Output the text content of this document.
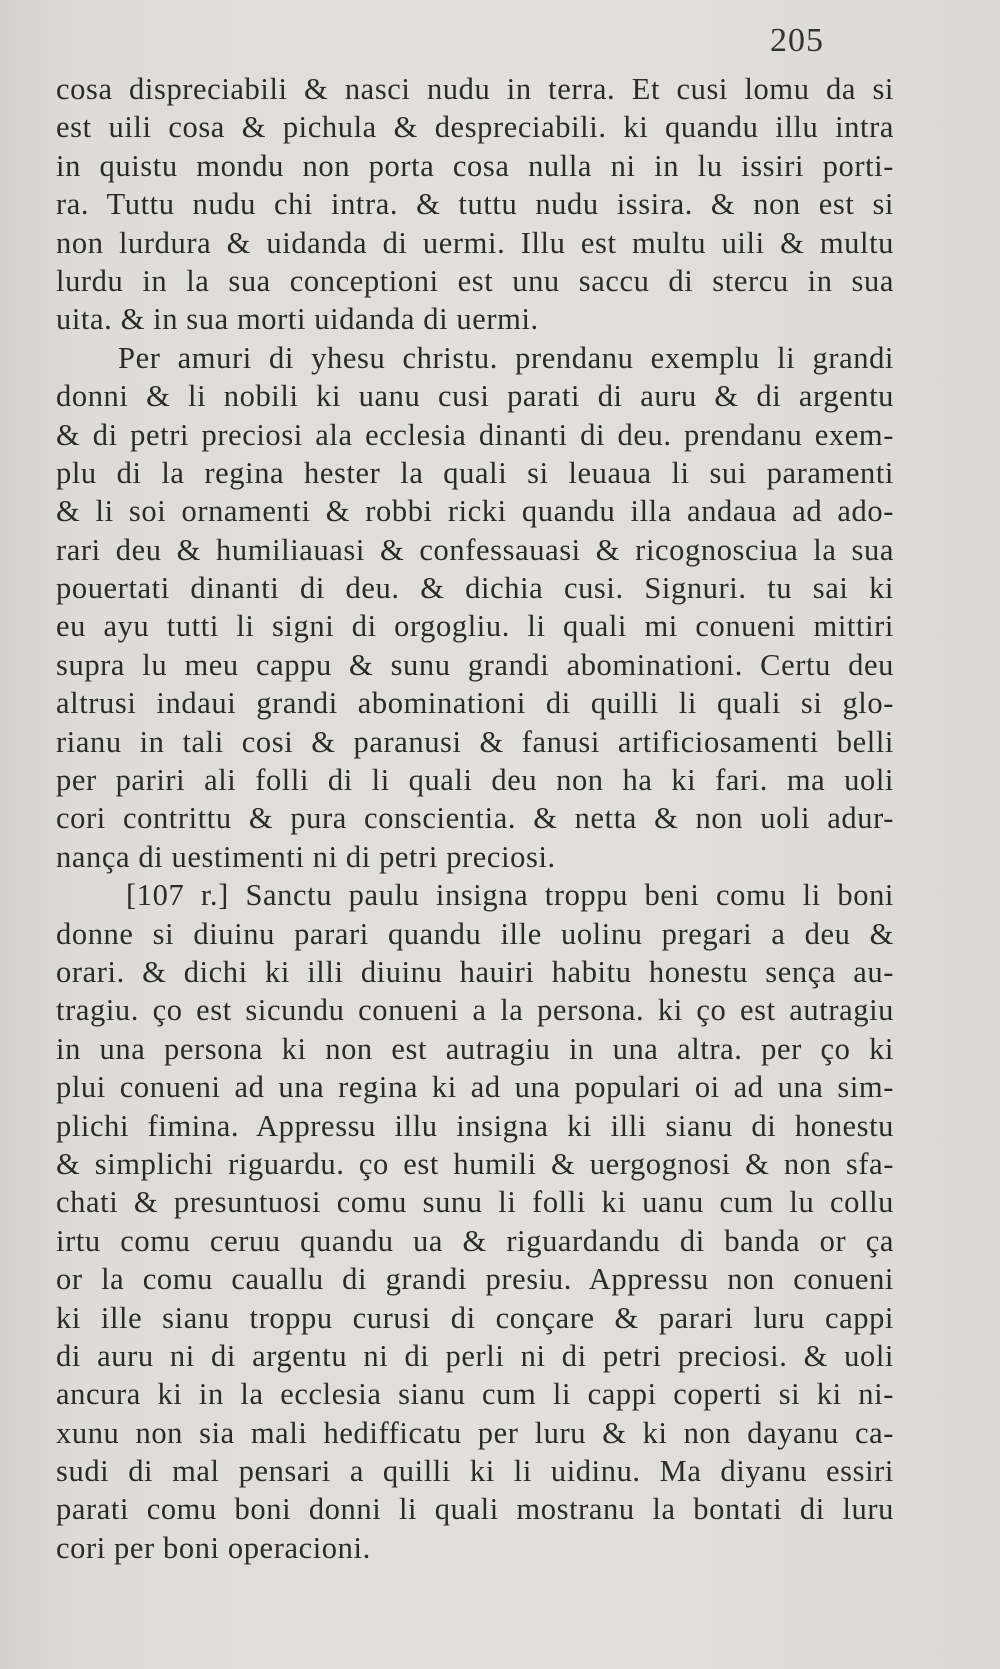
205
cosa dispreciabili & nasci nudu in terra. Et cusi lomu da si
est uili cosa & pichula & despreciabili. ki quandu illu intra
in quistu mondu non porta cosa nulla ni in lu issiri porti-
ra. Tuttu nudu chi intra. & tuttu nudu issira. & non est si
non lurdura & uidanda di uermi. Illu est multu uili & multu
lurdu in la sua conceptioni est unu saccu di stercu in sua
uita. & in sua morti uidanda di uermi.
Per amuri di yhesu christu. prendanu exemplu li grandi
donni & li nobili ki uanu cusi parati di auru & di argentu
& di petri preciosi ala ecclesia dinanti di deu. prendanu exem-
plu di la regina hester la quali si leuaua li sui paramenti
& li soi ornamenti & robbi ricki quandu illa andaua ad ado-
rari deu & humiliauasi & confessauasi & ricognosciua la sua
pouertati dinanti di deu. & dichia cusi. Signuri. tu sai ki
eu ayu tutti li signi di orgogliu. li quali mi conueni mittiri
supra lu meu cappu & sunu grandi abominationi. Certu deu
altrusi indaui grandi abominationi di quilli li quali si glo-
rianu in tali cosi & paranusi & fanusi artificiosamenti belli
per pariri ali folli di li quali deu non ha ki fari. ma uoli
cori contrittu & pura conscientia. & netta & non uoli adur-
nança di uestimenti ni di petri preciosi.
[107 r.] Sanctu paulu insigna troppu beni comu li boni
donne si diuinu parari quandu ille uolinu pregari a deu &
orari. & dichi ki illi diuinu hauiri habitu honestu sença au-
tragiu. ço est sicundu conueni a la persona. ki ço est autragiu
in una persona ki non est autragiu in una altra. per ço ki
plui conueni ad una regina ki ad una populari oi ad una sim-
plichi fimina. Appressu illu insigna ki illi sianu di honestu
& simplichi riguardu. ço est humili & uergognosi & non sfa-
chati & presuntuosi comu sunu li folli ki uanu cum lu collu
irtu comu ceruu quandu ua & riguardandu di banda or ça
or la comu cauallu di grandi presiu. Appressu non conueni
ki ille sianu troppu curusi di conçare & parari luru cappi
di auru ni di argentu ni di perli ni di petri preciosi. & uoli
ancura ki in la ecclesia sianu cum li cappi coperti si ki ni-
xunu non sia mali hedifficatu per luru & ki non dayanu ca-
sudi di mal pensari a quilli ki li uidinu. Ma diyanu essiri
parati comu boni donni li quali mostranu la bontati di luru
cori per boni operacioni.
